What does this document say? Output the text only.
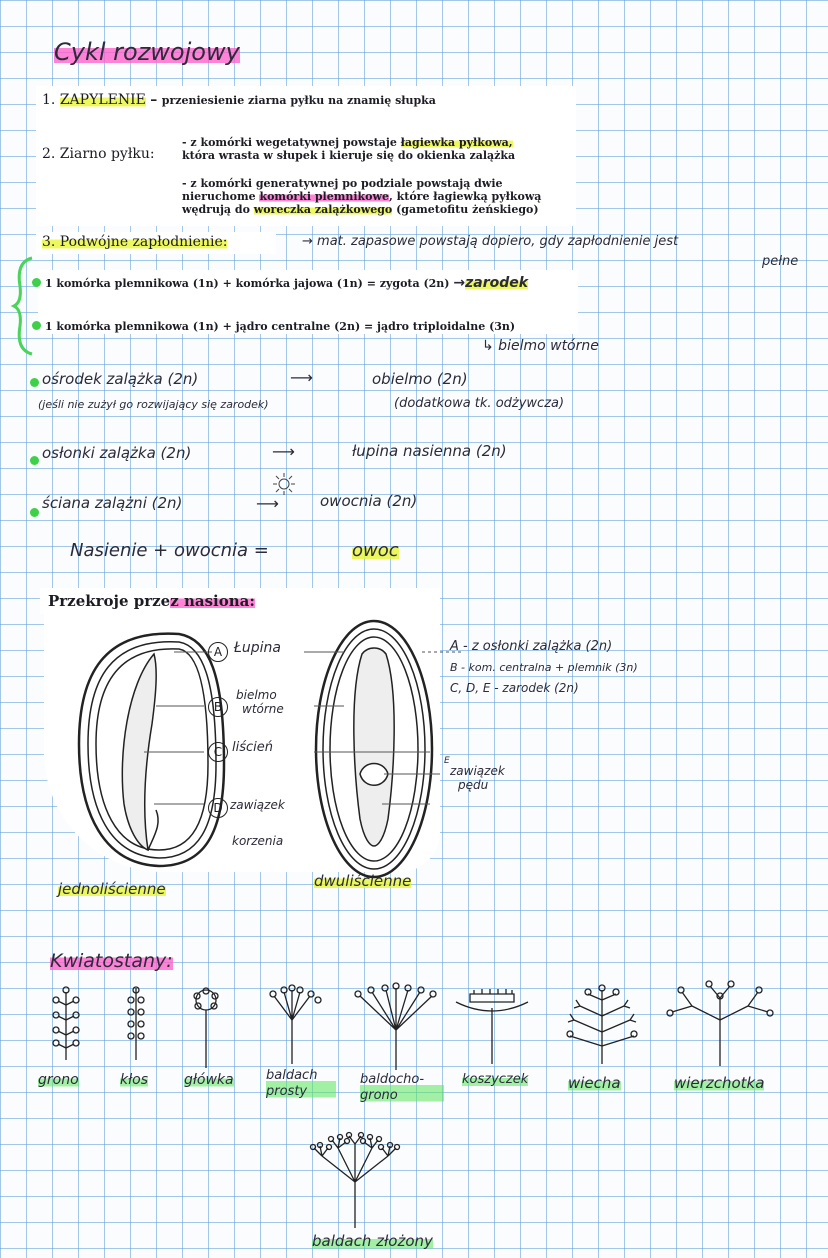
Cykl rozwojowy
1. ZAPYLENIE – przeniesienie ziarna pyłku na znamię słupka
2. Ziarno pyłku:
- z komórki wegetatywnej powstaje łagiewka pyłkowa,
która wrasta w słupek i kieruje się do okienka zalążka
- z komórki generatywnej po podziale powstają dwie
nieruchome komórki plemnikowe, które łagiewką pyłkową
wędrują do woreczka zalążkowego (gametofitu żeńskiego)
3. Podwójne zapłodnienie:	→ mat. zapasowe powstają dopiero, gdy zapłodnienie jest
pełne
1 komórka plemnikowa (1n) + komórka jajowa (1n) = zygota (2n) →zarodek
1 komórka plemnikowa (1n) + jądro centralne (2n) = jądro triploidalne (3n)
↳ bielmo wtórne
ośrodek zalążka (2n)	⟶	obielmo (2n)
(jeśli nie zużył go rozwijający się zarodek)	(dodatkowa tk. odżywcza)
osłonki zalążka (2n)	⟶	łupina nasienna (2n)
ściana zalążni (2n)	⟶	owocnia (2n)
Nasienie + owocnia =	owoc
Przekroje przez nasiona:
A Łupina
B
bielmo
wtórne
C liścień
D zawiązek
korzenia
E
zawiązek
pędu
A - z osłonki zalążka (2n)
B - kom. centralna + plemnik (3n)
C, D, E - zarodek (2n)
jednoliścienne	dwuliścienne
Kwiatostany:
grono	kłos	główka baldach prosty
baldocho-grono
koszyczek	wiecha	wierzchotka
baldach złożony
